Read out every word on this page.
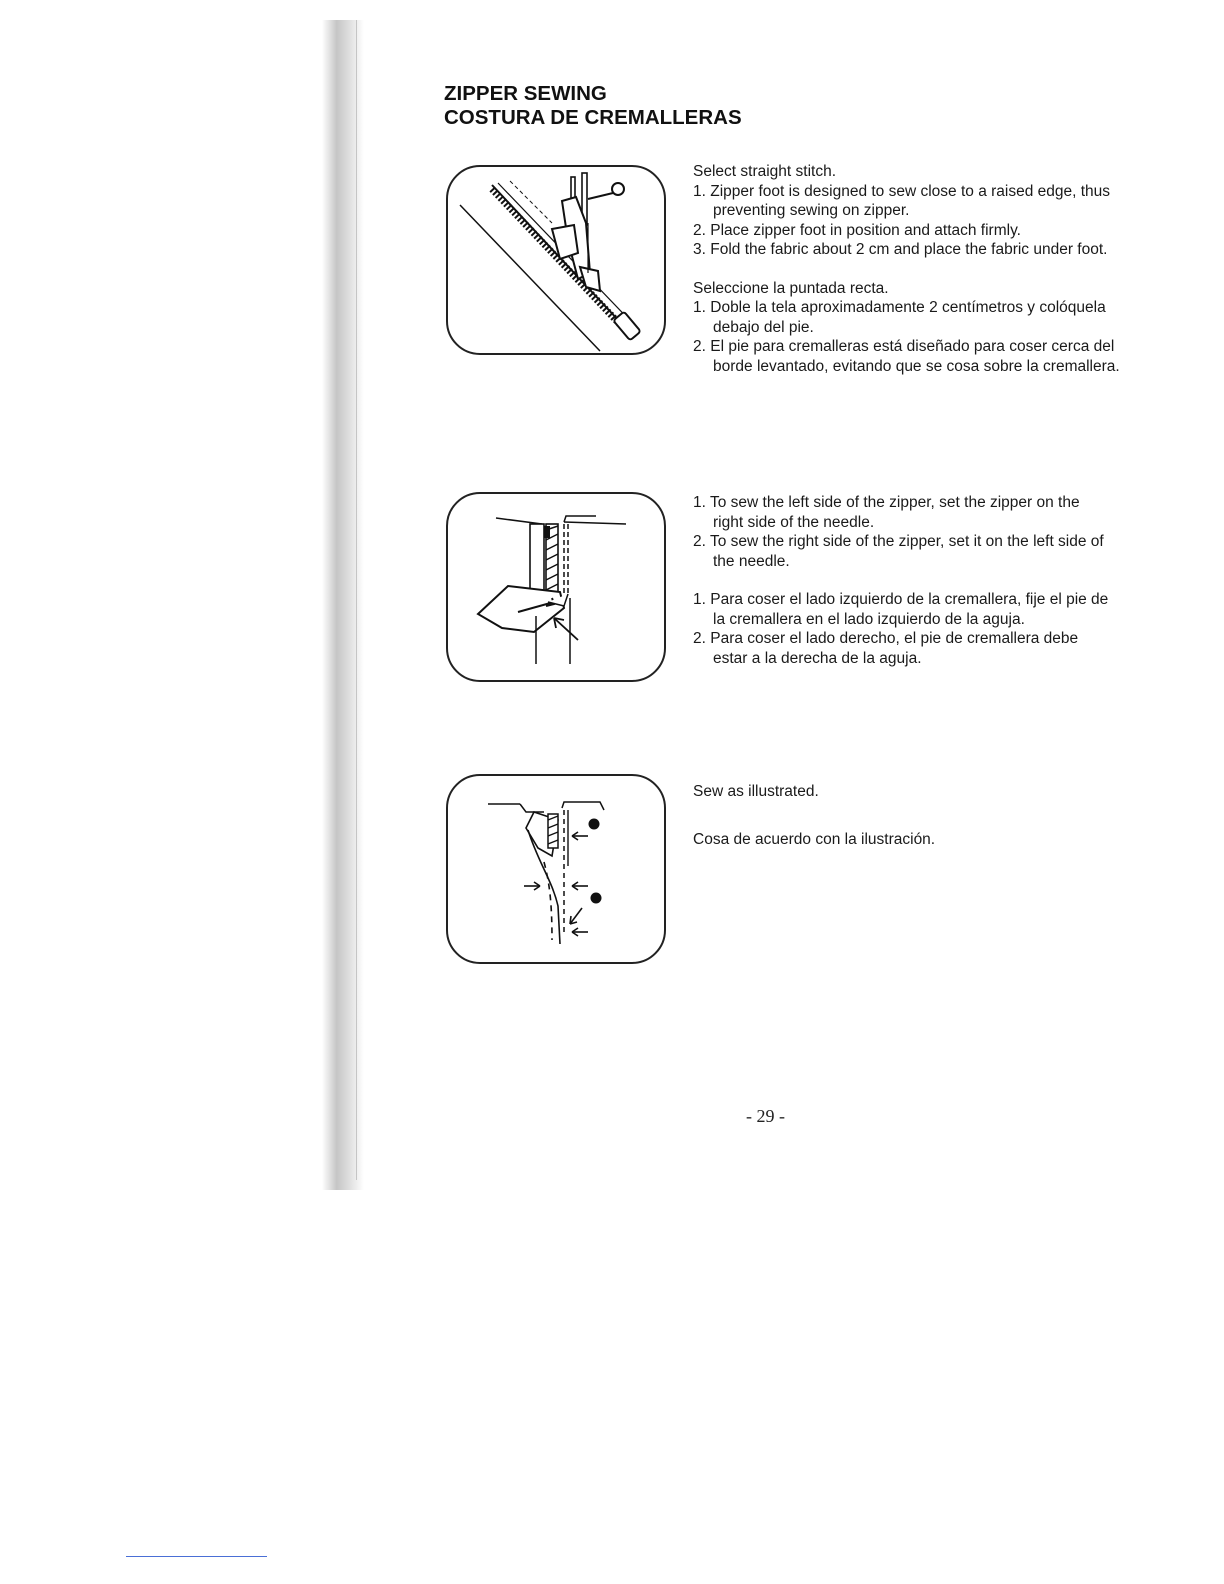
ZIPPER SEWING
COSTURA DE CREMALLERAS

Select straight stitch.

1. Zipper foot is designed to sew close to a raised edge, thus preventing sewing on zipper.
2. Place zipper foot in position and attach firmly.
3. Fold the fabric about 2 cm and place the fabric under foot.

Seleccione la puntada recta.

1. Doble la tela aproximadamente 2 centímetros y colóquela debajo del pie.
2. El pie para cremalleras está diseñado para coser cerca del borde levantado, evitando que se cosa sobre la cremallera.
1. To sew the left side of the zipper, set the zipper on the right side of the needle.
2. To sew the right side of the zipper, set it on the left side of the needle.
1. Para coser el lado izquierdo de la cremallera, fije el pie de la cremallera en el lado izquierdo de la aguja.
2. Para coser el lado derecho, el pie de cremallera debe estar a la derecha de la aguja.

Sew as illustrated.

Cosa de acuerdo con la ilustración.

- 29 -
